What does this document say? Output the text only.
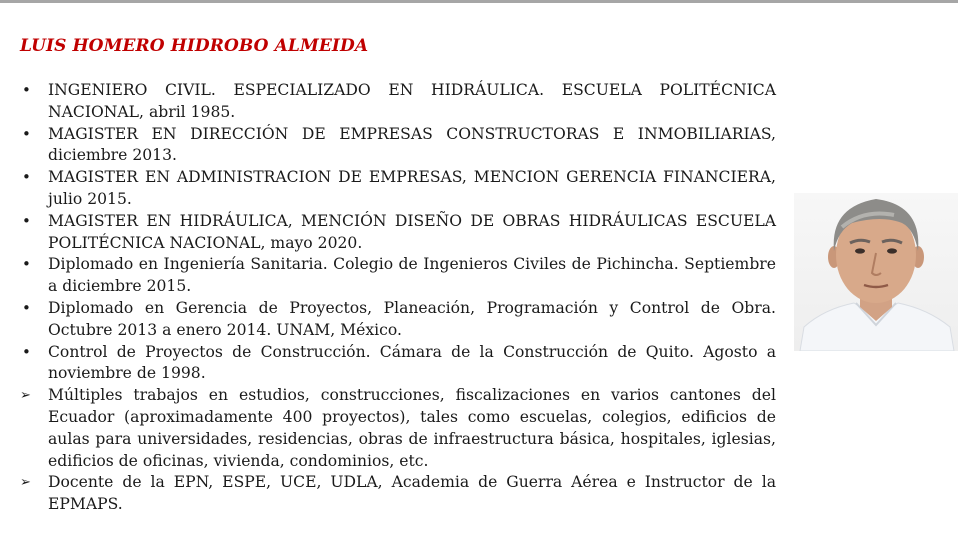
LUIS HOMERO HIDROBO ALMEIDA
•	INGENIERO CIVIL. ESPECIALIZADO EN HIDRÁULICA. ESCUELA POLITÉCNICA NACIONAL, abril 1985.
•	MAGISTER EN DIRECCIÓN DE EMPRESAS CONSTRUCTORAS E INMOBILIARIAS, diciembre 2013.
•	MAGISTER EN ADMINISTRACION DE EMPRESAS, MENCION GERENCIA FINANCIERA, julio 2015.
•	MAGISTER EN HIDRÁULICA, MENCIÓN DISEÑO DE OBRAS HIDRÁULICAS ESCUELA POLITÉCNICA NACIONAL, mayo 2020.
•	Diplomado en Ingeniería Sanitaria. Colegio de Ingenieros Civiles de Pichincha. Septiembre a diciembre 2015.
•	Diplomado en Gerencia de Proyectos, Planeación, Programación y Control de Obra. Octubre 2013 a enero 2014. UNAM, México.
•	Control de Proyectos de Construcción. Cámara de la Construcción de Quito. Agosto a noviembre de 1998.
➢	Múltiples trabajos en estudios, construcciones, fiscalizaciones en varios cantones del Ecuador (aproximadamente 400 proyectos), tales como escuelas, colegios, edificios de aulas para universidades, residencias, obras de infraestructura básica, hospitales, iglesias, edificios de oficinas, vivienda, condominios, etc.
➢	Docente de la EPN, ESPE, UCE, UDLA, Academia de Guerra Aérea e Instructor de la EPMAPS.
